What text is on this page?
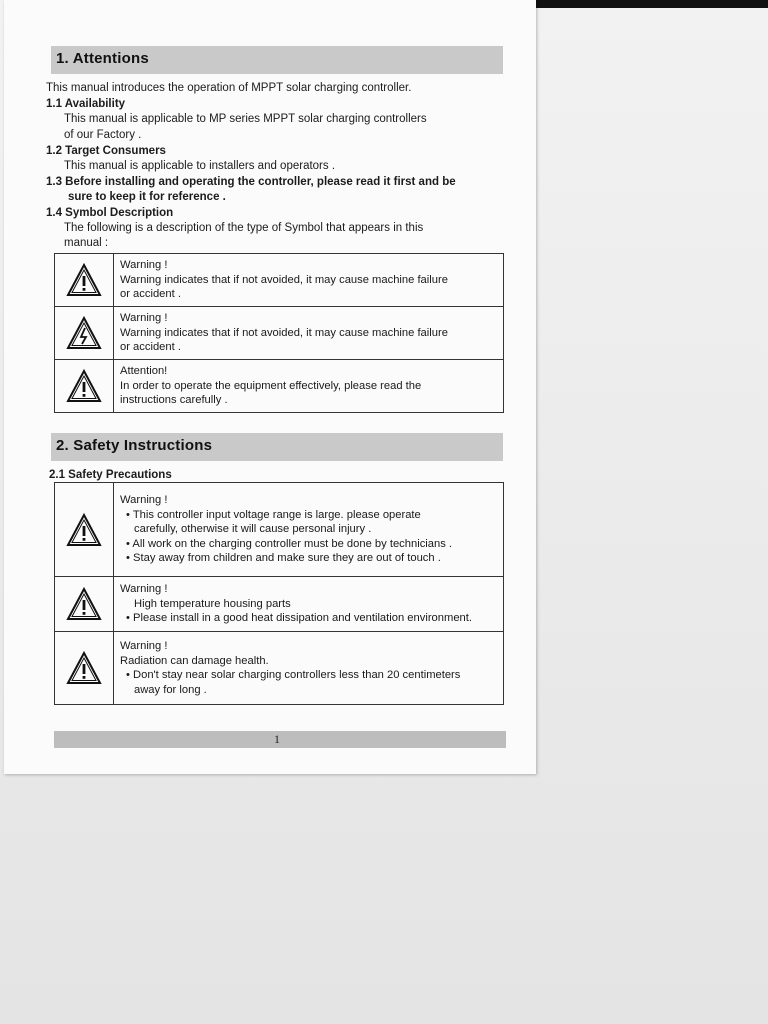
1. Attentions
This manual introduces the operation of MPPT solar charging controller.
1.1 Availability
This manual is applicable to MP series MPPT solar charging controllers
of our Factory .
1.2 Target Consumers
This manual is applicable to installers and operators .
1.3 Before installing and operating the controller, please read it first and be
sure to keep it for reference .
1.4 Symbol Description
The following is a description of the type of Symbol that appears in this
manual :

Warning !
Warning indicates that if not avoided, it may cause machine failure
or accident .

Warning !
Warning indicates that if not avoided, it may cause machine failure
or accident .

Attention!
In order to operate the equipment effectively, please read the
instructions carefully .
2. Safety Instructions
2.1 Safety Precautions

Warning !
• This controller input voltage range is large. please operate
carefully, otherwise it will cause personal injury .
• All work on the charging controller must be done by technicians .
• Stay away from children and make sure they are out of touch .

Warning !
High temperature housing parts
• Please install in a good heat dissipation and ventilation environment.

Warning !
Radiation can damage health.
• Don't stay near solar charging controllers less than 20 centimeters
away for long .
1
